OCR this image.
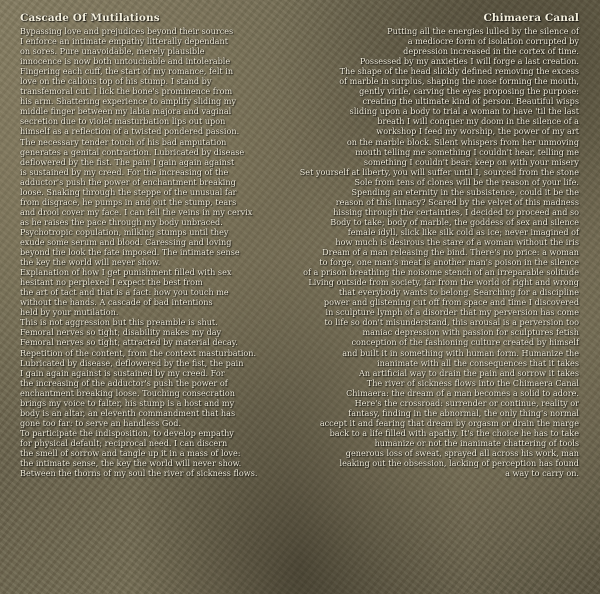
Cascade Of Mutilations
Bypassing love and prejudices beyond their sources
I enforce an intimate empathy litterally dependant
on sores. Pure unavoidable, merely plausible
innocence is now both untouchable and intolerable
Fingering each cuff, the start of my romance, felt in
love on the callous top of his stump. I stand by
transfemoral cut. I lick the bone's prominence from
his arm. Shattering experience to amplify sliding my
middle finger between my labia majora and vaginal
secretion due to violet masturbation lips out upon
himself as a reflection of a twisted pondered passion.
The necessary tender touch of his bad amputation
generates a genital contraction. Lubricated by disease
deflowered by the fist. The pain I gain again against
is sustained by my creed. For the increasing of the
adductor's push the power of enchantment breaking
loose. Snaking through the steppe of the unusual far
from disgrace, he pumps in and out the stump, tears
and drool cover my face. I can fell the veins in my cervix
as he raises the pace through my body unbraced.
Psychotropic copulation, milking stumps until they
exude some serum and blood. Caressing and loving
beyond the look the fate imposed. The intimate sense
the key the world will never show.
Explanation of how I get punishment filled with sex
hesitant no perplexed I expect the best from
the art of tact and that is a fact: how you touch me
without the hands. A cascade of bad intentions
held by your mutilation.
This is not aggression but this preamble is shut.
Femoral nerves so tight; disability makes my day
Femoral nerves so tight; attracted by material decay.
Repetition of the content, from the context masturbation.
Lubricated by disease, deflowered by the fist, the pain
I gain again against is sustained by my creed. For
the increasing of the adductor's push the power of
enchantment breaking loose. Touching consecration
brings my voice to falter, his stump is a host and my
body is an altar, an eleventh commandment that has
gone too far: to serve an handless God.
To participate the indisposition, to develop empathy
for physical default; reciprocal need. I can discern
the smell of sorrow and tangle up it in a mass of love:
the intimate sense, the key the world will never show.
Between the thorns of my soul the river of sickness flows.
Chimaera Canal
Putting all the energies lulled by the silence of
a mediocre form of isolation corrupted by
depression increased in the cortex of time.
Possessed by my anxieties I will forge a last creation.
The shape of the head slickly defined removing the excess
of marble in surplus, shaping the nose forming the mouth,
gently virile, carving the eyes proposing the purpose:
creating the ultimate kind of person. Beautiful wisps
sliding upon a body to trial a woman to have 'til the last
breath I will conquer my doom in the silence of a
workshop I feed my worship, the power of my art
on the marble block. Silent whispers from her unmoving
mouth telling me something I couldn't hear, telling me
something I couldn't bear: keep on with your misery
Set yourself at liberty, you will suffer until I, sourced from the stone
Sole from tens of clones will be the reason of your life.
Spending an eternity in the subsistence, could it be the
reason of this lunacy? Scared by the velvet of this madness
hissing through the certainties, I decided to proceed and so
Body to take; body of marble, the goddess of sex and silence
female idyll, slick like silk cold as ice; never imagined of
how much is desirous the stare of a woman without the iris
Dream of a man releasing the bind. There's no price: a woman
to forge, one man's meat is another man's poison in the silence
of a prison breathing the noisome stench of an irreparable solitude
Living outside from society, far from the world of right and wrong
that everybody wants to belong. Searching for a discipline
power and glistening cut off from space and time I discovered
in sculpture lymph of a disorder that my perversion has come
to life so don't misunderstand, this arousal is a perversion too
maniac depression with passion for sculptures fetish
conception of the fashioning culture created by himself
and built it in something with human form. Humanize the
inanimate with all the consequences that it takes
An artificial way to drain the pain and sorrow it takes
The river of sickness flows into the Chimaera Canal
Chimaera: the dream of a man becomes a solid to adore.
Here's the crossroad: surrender or continue, reality or
fantasy, finding in the abnormal, the only thing's normal
accept it and fearing that dream by orgasm or drain the marge
back to a life filled with apathy. It's the choice he has to take
humanize or not the inanimate chattering of tools
generous loss of sweat, sprayed all across his work, man
leaking out the obsession, lacking of perception has found
a way to carry on.
